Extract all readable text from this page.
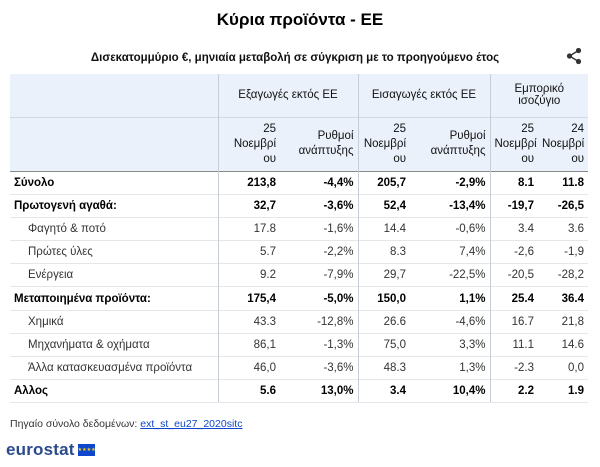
Κύρια προϊόντα - ΕΕ
Δισεκατομμύριο €, μηνιαία μεταβολή σε σύγκριση με το προηγούμενο έτος
	Εξαγωγές εκτός ΕΕ		Εισαγωγές εκτός ΕΕ		Εμπορικό ισοζύγιο	
	25 Νοεμβρί ου	Ρυθμοί ανάπτυξης	25 Νοεμβρί ου	Ρυθμοί ανάπτυξης	25 Νοεμβρί ου	24 Νοεμβρί ου
Σύνολο	213,8	-4,4%	205,7	-2,9%	8.1	11.8
Πρωτογενή αγαθά:	32,7	-3,6%	52,4	-13,4%	-19,7	-26,5
Φαγητό & ποτό	17.8	-1,6%	14.4	-0,6%	3.4	3.6
Πρώτες ύλες	5.7	-2,2%	8.3	7,4%	-2,6	-1,9
Ενέργεια	9.2	-7,9%	29,7	-22,5%	-20,5	-28,2
Μεταποιημένα προϊόντα:	175,4	-5,0%	150,0	1,1%	25.4	36.4
Χημικά	43.3	-12,8%	26.6	-4,6%	16.7	21,8
Μηχανήματα & οχήματα	86,1	-1,3%	75,0	3,3%	11.1	14.6
Άλλα κατασκευασμένα προϊόντα	46,0	-3,6%	48.3	1,3%	-2.3	0,0
Αλλος	5.6	13,0%	3.4	10,4%	2.2	1.9
Πηγαίο σύνολο δεδομένων: ext_st_eu27_2020sitc
eurostat ★★★★
